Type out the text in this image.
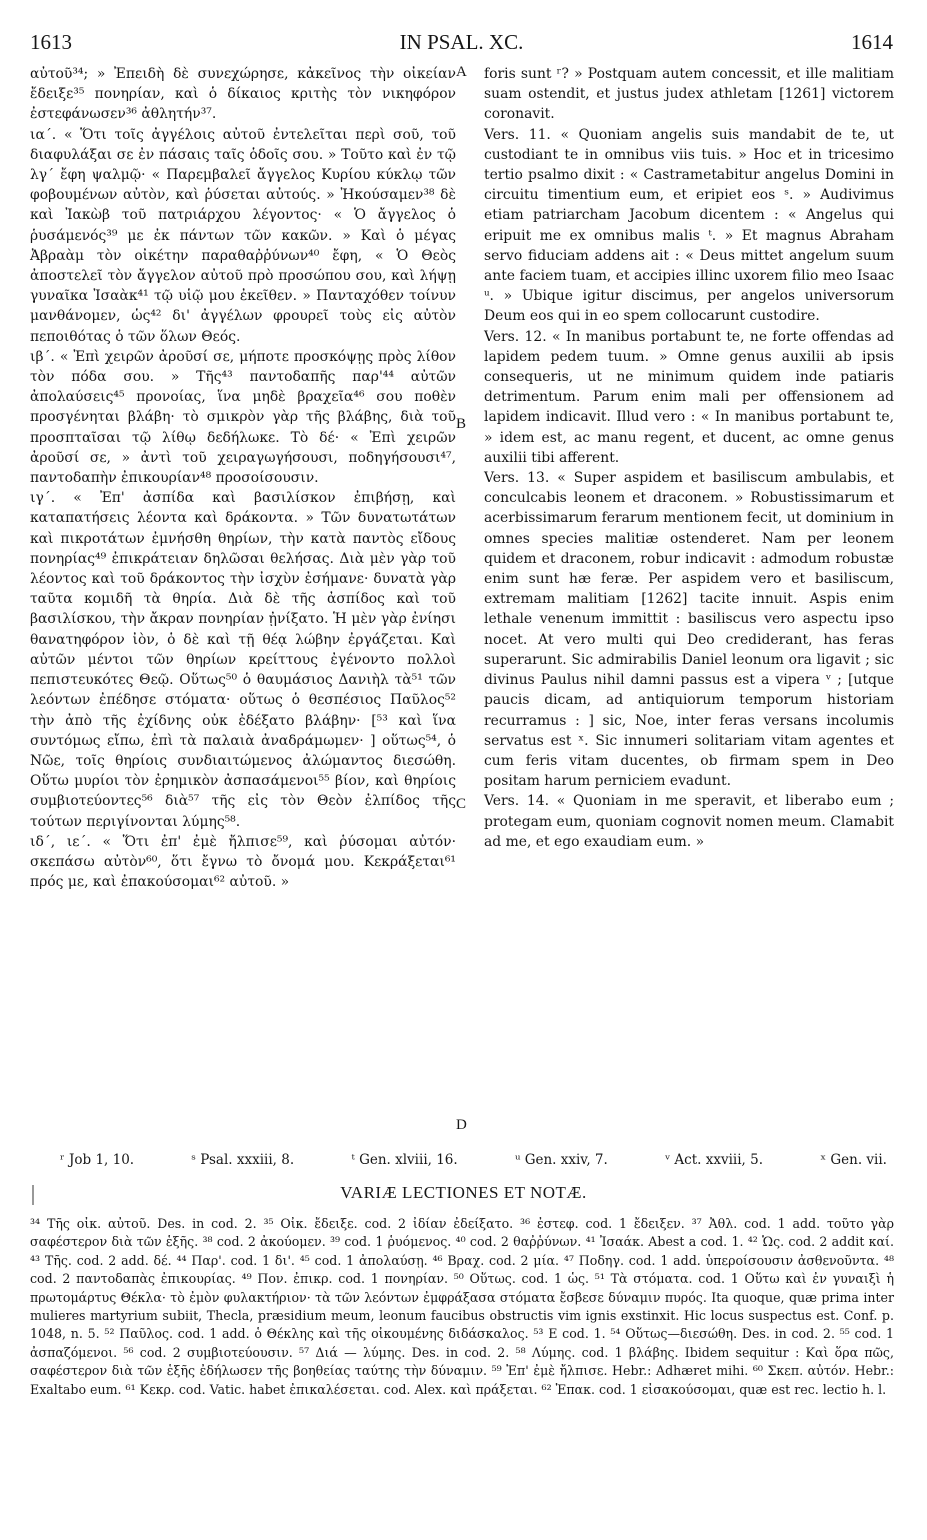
1613	IN PSAL. XC.	1614

αὐτοῦ³⁴; » Ἐπειδὴ δὲ συνεχώρησε, κἀκεῖνος τὴν οἰκείαν ἔδειξε³⁵ πονηρίαν, καὶ ὁ δίκαιος κριτὴς τὸν νικηφόρον ἐστεφάνωσεν³⁶ ἀθλητήν³⁷.

ια΄. « Ὅτι τοῖς ἀγγέλοις αὐτοῦ ἐντελεῖται περὶ σοῦ, τοῦ διαφυλάξαι σε ἐν πάσαις ταῖς ὁδοῖς σου. » Τοῦτο καὶ ἐν τῷ λγ΄ ἔφη ψαλμῷ· « Παρεμβαλεῖ ἄγγελος Κυρίου κύκλῳ τῶν φοβουμένων αὐτὸν, καὶ ῥύσεται αὐτούς. » Ἠκούσαμεν³⁸ δὲ καὶ Ἰακὼβ τοῦ πατριάρχου λέγοντος· « Ὁ ἄγγελος ὁ ῥυσάμενός³⁹ με ἐκ πάντων τῶν κακῶν. » Καὶ ὁ μέγας Ἀβραὰμ τὸν οἰκέτην παραθαῤῥύνων⁴⁰ ἔφη, « Ὁ Θεὸς ἀποστελεῖ τὸν ἄγγελον αὐτοῦ πρὸ προσώπου σου, καὶ λήψῃ γυναῖκα Ἰσαὰκ⁴¹ τῷ υἱῷ μου ἐκεῖθεν. » Πανταχόθεν τοίνυν μανθάνομεν, ὡς⁴² δι' ἀγγέλων φρουρεῖ τοὺς εἰς αὐτὸν πεποιθότας ὁ τῶν ὅλων Θεός.

ιβ΄. « Ἐπὶ χειρῶν ἀροῦσί σε, μήποτε προσκόψῃς πρὸς λίθον τὸν πόδα σου. » Τῆς⁴³ παντοδαπῆς παρ'⁴⁴ αὐτῶν ἀπολαύσεις⁴⁵ προνοίας, ἵνα μηδὲ βραχεῖα⁴⁶ σου ποθὲν προσγένηται βλάβη· τὸ σμικρὸν γὰρ τῆς βλάβης, διὰ τοῦ προσπταῖσαι τῷ λίθῳ δεδήλωκε. Τὸ δέ· « Ἐπὶ χειρῶν ἀροῦσί σε, » ἀντὶ τοῦ χειραγωγήσουσι, ποδηγήσουσι⁴⁷, παντοδαπὴν ἐπικουρίαν⁴⁸ προσοίσουσιν.

ιγ΄. « Ἐπ' ἀσπίδα καὶ βασιλίσκον ἐπιβήσῃ, καὶ καταπατήσεις λέοντα καὶ δράκοντα. » Τῶν δυνατωτάτων καὶ πικροτάτων ἐμνήσθη θηρίων, τὴν κατὰ παντὸς εἴδους πονηρίας⁴⁹ ἐπικράτειαν δηλῶσαι θελήσας. Διὰ μὲν γὰρ τοῦ λέοντος καὶ τοῦ δράκοντος τὴν ἰσχὺν ἐσήμανε· δυνατὰ γὰρ ταῦτα κομιδῆ τὰ θηρία. Διὰ δὲ τῆς ἀσπίδος καὶ τοῦ βασιλίσκου, τὴν ἄκραν πονηρίαν ᾐνίξατο. Ἡ μὲν γὰρ ἐνίησι θανατηφόρον ἰὸν, ὁ δὲ καὶ τῇ θέᾳ λώβην ἐργάζεται. Καὶ αὐτῶν μέντοι τῶν θηρίων κρείττους ἐγένοντο πολλοὶ πεπιστευκότες Θεῷ. Οὕτως⁵⁰ ὁ θαυμάσιος Δανιὴλ τὰ⁵¹ τῶν λεόντων ἐπέδησε στόματα· οὕτως ὁ θεσπέσιος Παῦλος⁵² τὴν ἀπὸ τῆς ἐχίδνης οὐκ ἐδέξατο βλάβην· [⁵³ καὶ ἵνα συντόμως εἴπω, ἐπὶ τὰ παλαιὰ ἀναδράμωμεν· ] οὕτως⁵⁴, ὁ Νῶε, τοῖς θηρίοις συνδιαιτώμενος ἀλώμαντος διεσώθη. Οὕτω μυρίοι τὸν ἐρημικὸν ἀσπασάμενοι⁵⁵ βίον, καὶ θηρίοις συμβιοτεύοντες⁵⁶ διὰ⁵⁷ τῆς εἰς τὸν Θεὸν ἐλπίδος τῆς τούτων περιγίνονται λύμης⁵⁸.

ιδ΄, ιε΄. « Ὅτι ἐπ' ἐμὲ ἤλπισε⁵⁹, καὶ ῥύσομαι αὐτόν· σκεπάσω αὐτὸν⁶⁰, ὅτι ἔγνω τὸ ὄνομά μου. Κεκράξεται⁶¹ πρός με, καὶ ἐπακούσομαι⁶² αὐτοῦ. »

A
B
C
D

foris sunt ʳ? » Postquam autem concessit, et ille malitiam suam ostendit, et justus judex athletam [1261] victorem coronavit.

Vers. 11. « Quoniam angelis suis mandabit de te, ut custodiant te in omnibus viis tuis. » Hoc et in tricesimo tertio psalmo dixit : « Castrametabitur angelus Domini in circuitu timentium eum, et eripiet eos ˢ. » Audivimus etiam patriarcham Jacobum dicentem : « Angelus qui eripuit me ex omnibus malis ᵗ. » Et magnus Abraham servo fiduciam addens ait : « Deus mittet angelum suum ante faciem tuam, et accipies illinc uxorem filio meo Isaac ᵘ. » Ubique igitur discimus, per angelos universorum Deum eos qui in eo spem collocarunt custodire.

Vers. 12. « In manibus portabunt te, ne forte offendas ad lapidem pedem tuum. » Omne genus auxilii ab ipsis consequeris, ut ne minimum quidem inde patiaris detrimentum. Parum enim mali per offensionem ad lapidem indicavit. Illud vero : « In manibus portabunt te, » idem est, ac manu regent, et ducent, ac omne genus auxilii tibi afferent.

Vers. 13. « Super aspidem et basiliscum ambulabis, et conculcabis leonem et draconem. » Robustissimarum et acerbissimarum ferarum mentionem fecit, ut dominium in omnes species malitiæ ostenderet. Nam per leonem quidem et draconem, robur indicavit : admodum robustæ enim sunt hæ feræ. Per aspidem vero et basiliscum, extremam malitiam [1262] tacite innuit. Aspis enim lethale venenum immittit : basiliscus vero aspectu ipso nocet. At vero multi qui Deo crediderant, has feras superarunt. Sic admirabilis Daniel leonum ora ligavit ; sic divinus Paulus nihil damni passus est a vipera ᵛ ; [utque paucis dicam, ad antiquiorum temporum historiam recurramus : ] sic, Noe, inter feras versans incolumis servatus est ˣ. Sic innumeri solitariam vitam agentes et cum feris vitam ducentes, ob firmam spem in Deo positam harum perniciem evadunt.

Vers. 14. « Quoniam in me speravit, et liberabo eum ; protegam eum, quoniam cognovit nomen meum. Clamabit ad me, et ego exaudiam eum. »

ʳ Job 1, 10.	ˢ Psal. xxxiii, 8.	ᵗ Gen. xlviii, 16.	ᵘ Gen. xxiv, 7.	ᵛ Act. xxviii, 5.	ˣ Gen. vii.
VARIÆ LECTIONES ET NOTÆ.

³⁴ Τῆς οἰκ. αὐτοῦ. Des. in cod. 2. ³⁵ Οἰκ. ἔδειξε. cod. 2 ἰδίαν ἐδείξατο. ³⁶ ἐστεφ. cod. 1 ἔδειξεν. ³⁷ Ἀθλ. cod. 1 add. τοῦτο γὰρ σαφέστερον διὰ τῶν ἑξῆς. ³⁸ cod. 2 ἀκούομεν. ³⁹ cod. 1 ῥυόμενος. ⁴⁰ cod. 2 θαῤῥύνων. ⁴¹ Ἰσαάκ. Abest a cod. 1. ⁴² Ὡς. cod. 2 addit καί. ⁴³ Τῆς. cod. 2 add. δέ. ⁴⁴ Παρ'. cod. 1 δι'. ⁴⁵ cod. 1 ἀπολαύσῃ. ⁴⁶ Βραχ. cod. 2 μία. ⁴⁷ Ποδηγ. cod. 1 add. ὑπεροίσουσιν ἀσθενοῦντα. ⁴⁸ cod. 2 παντοδαπὰς ἐπικουρίας. ⁴⁹ Πον. ἐπικρ. cod. 1 πονηρίαν. ⁵⁰ Οὕτως. cod. 1 ὡς. ⁵¹ Τὰ στόματα. cod. 1 Οὕτω καὶ ἐν γυναιξὶ ἡ πρωτομάρτυς Θέκλα· τὸ ἐμὸν φυλακτήριον· τὰ τῶν λεόντων ἐμφράξασα στόματα ἔσβεσε δύναμιν πυρός. Ita quoque, quæ prima inter mulieres martyrium subiit, Thecla, præsidium meum, leonum faucibus obstructis vim ignis exstinxit. Hic locus suspectus est. Conf. p. 1048, n. 5. ⁵² Παῦλος. cod. 1 add. ὁ Θέκλης καὶ τῆς οἰκουμένης διδάσκαλος. ⁵³ E cod. 1. ⁵⁴ Οὕτως—διεσώθη. Des. in cod. 2. ⁵⁵ cod. 1 ἀσπαζόμενοι. ⁵⁶ cod. 2 συμβιοτεύουσιν. ⁵⁷ Διά — λύμης. Des. in cod. 2. ⁵⁸ Λύμης. cod. 1 βλάβης. Ibidem sequitur : Καὶ ὅρα πῶς, σαφέστερον διὰ τῶν ἑξῆς ἐδήλωσεν τῆς βοηθείας ταύτης τὴν δύναμιν. ⁵⁹ Ἐπ' ἐμὲ ἤλπισε. Hebr.: Adhæret mihi. ⁶⁰ Σκεπ. αὐτόν. Hebr.: Exaltabo eum. ⁶¹ Κεκρ. cod. Vatic. habet ἐπικαλέσεται. cod. Alex. καὶ πράξεται. ⁶² Ἐπακ. cod. 1 εἰσακούσομαι, quæ est rec. lectio h. l.
